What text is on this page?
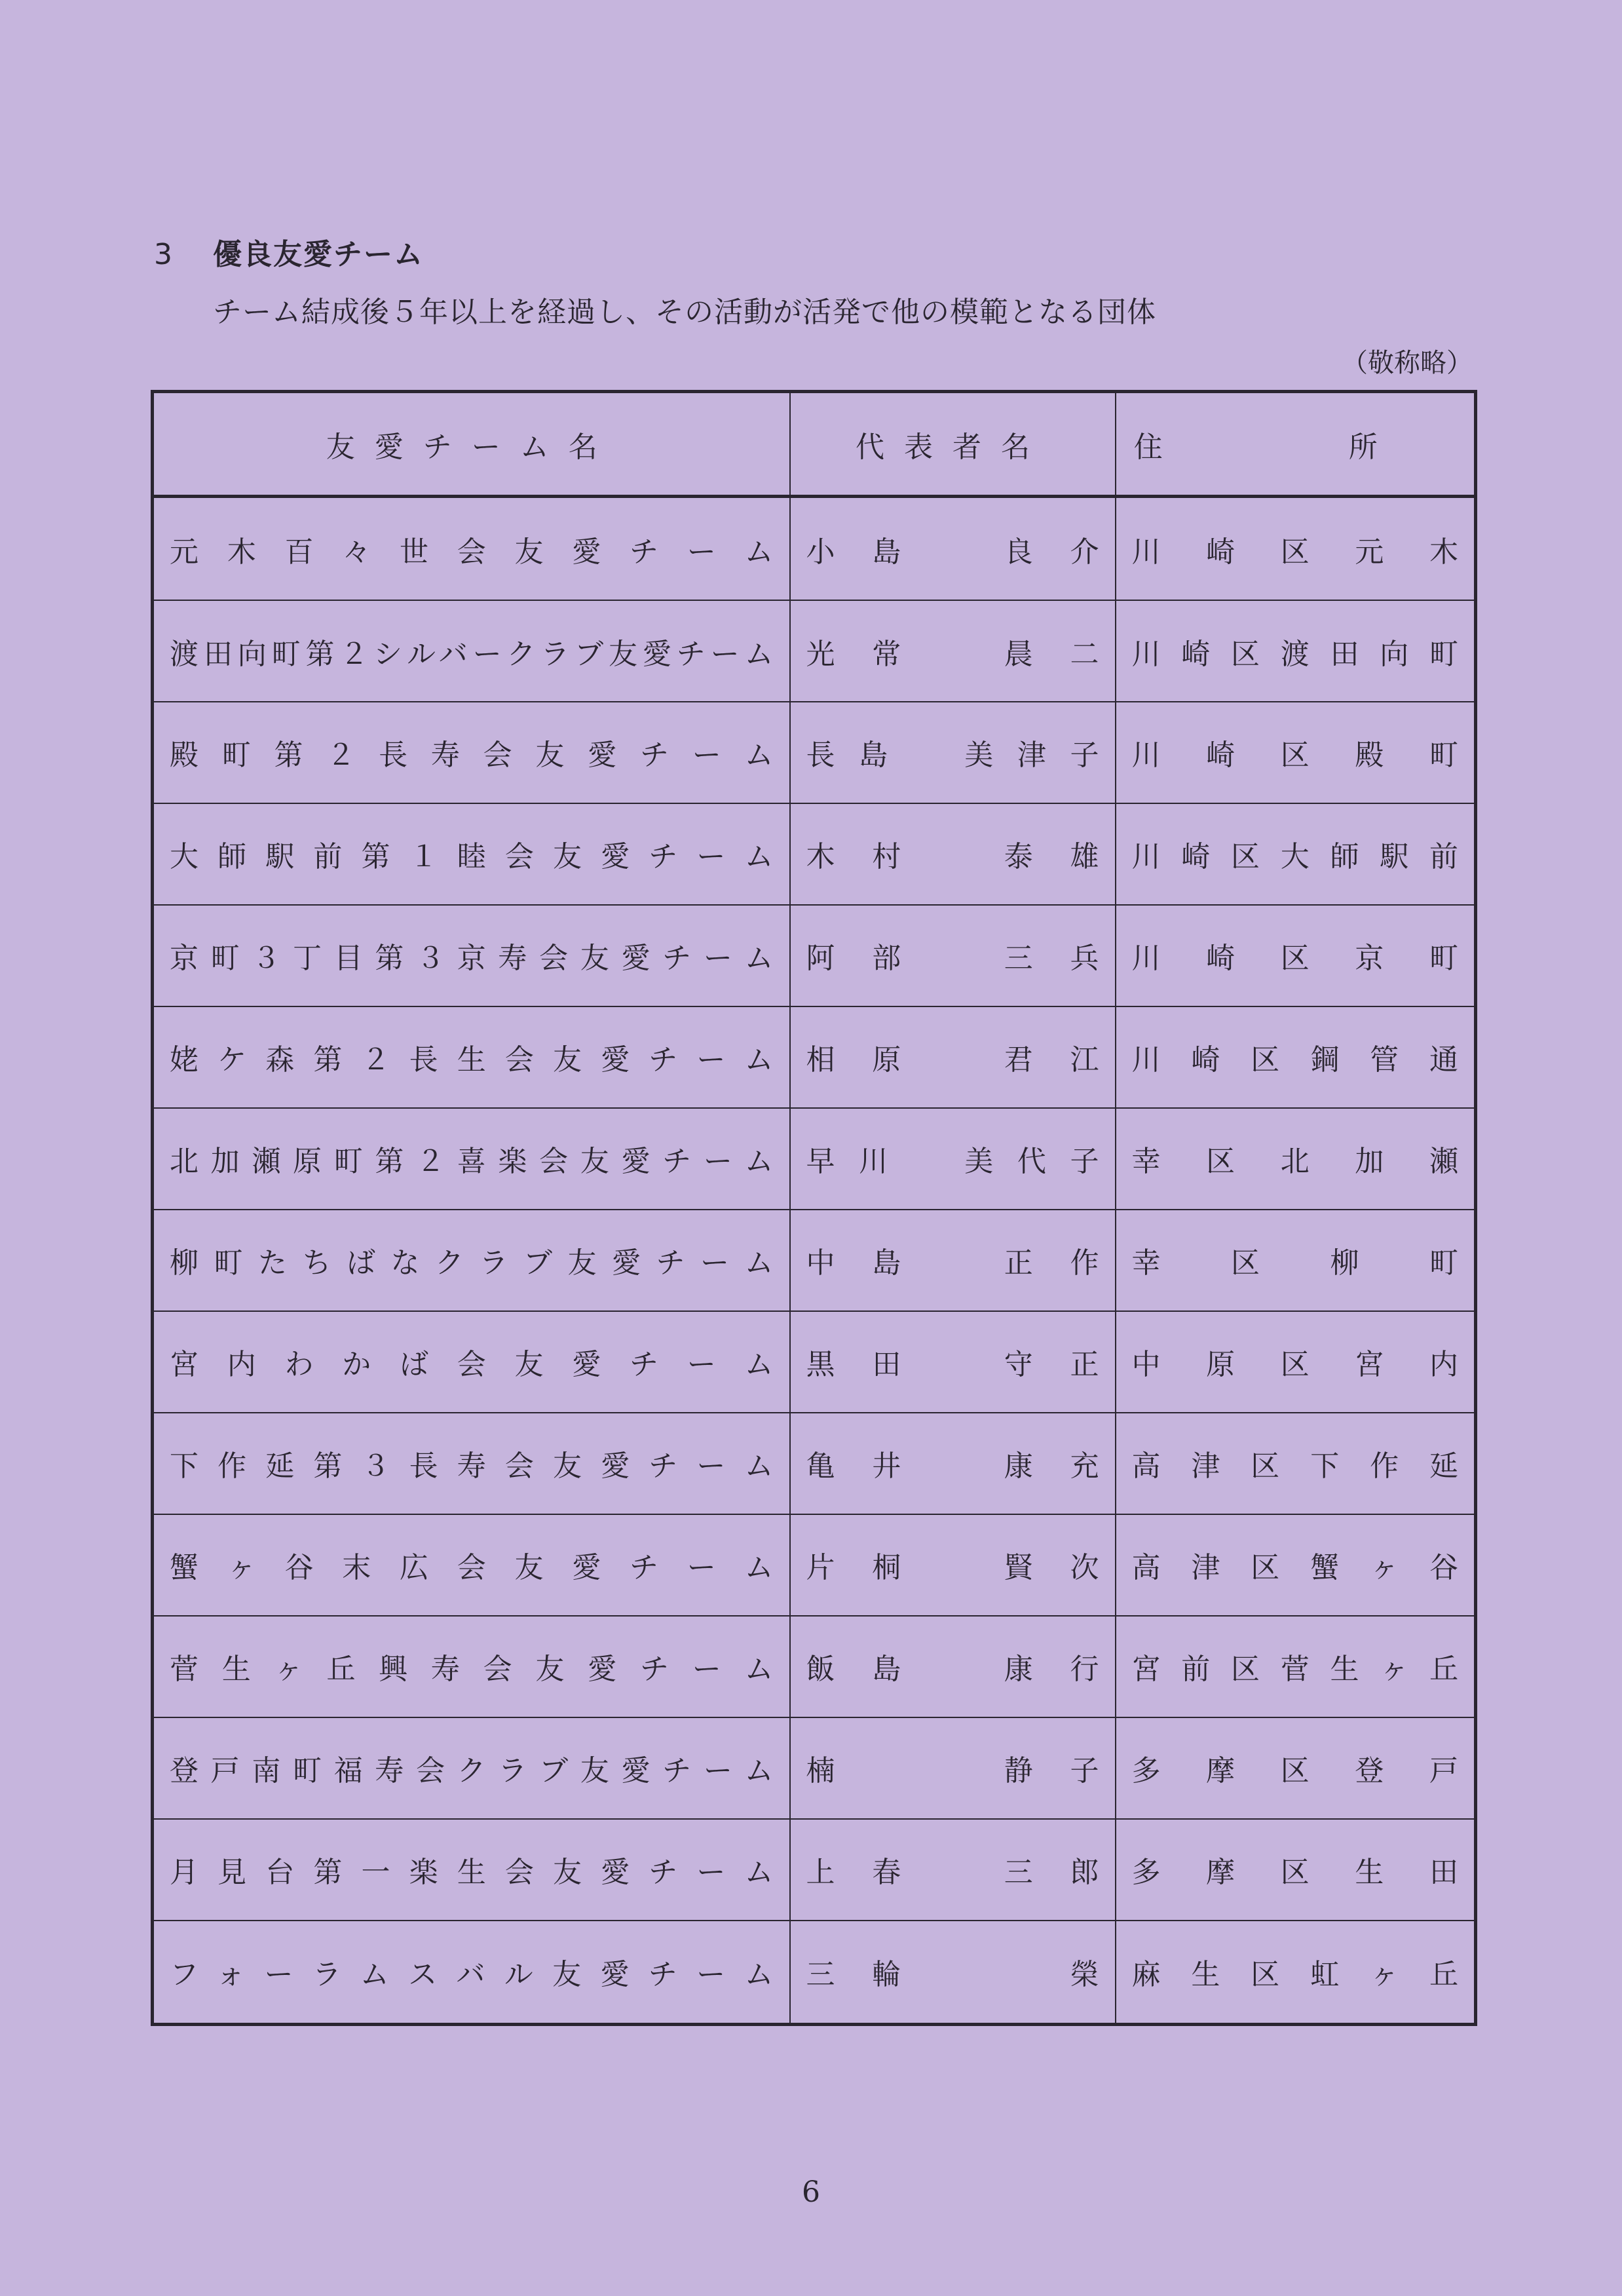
3 優良友愛チーム
チーム結成後５年以上を経過し、その活動が活発で他の模範となる団体
（敬称略）
友愛チーム名	代表者名	住　所
元木百々世会友愛チーム	小島　良介	川崎区元木
渡田向町第２シルバークラブ友愛チーム	光常　晨二	川崎区渡田向町
殿町第２長寿会友愛チーム	長島　美津子	川崎区殿町
大師駅前第１睦会友愛チーム	木村　泰雄	川崎区大師駅前
京町３丁目第３京寿会友愛チーム	阿部　三兵	川崎区京町
姥ケ森第２長生会友愛チーム	相原　君江	川崎区鋼管通
北加瀬原町第２喜楽会友愛チーム	早川　美代子	幸区北加瀬
柳町たちばなクラブ友愛チーム	中島　正作	幸区柳町
宮内わかば会友愛チーム	黒田　守正	中原区宮内
下作延第３長寿会友愛チーム	亀井　康充	高津区下作延
蟹ヶ谷末広会友愛チーム	片桐　賢次	高津区蟹ヶ谷
菅生ヶ丘興寿会友愛チーム	飯島　康行	宮前区菅生ヶ丘
登戸南町福寿会クラブ友愛チーム	楠　　静子	多摩区登戸
月見台第一楽生会友愛チーム	上春　三郎	多摩区生田
フォーラムスバル友愛チーム	三輪　　榮	麻生区虹ヶ丘
6
